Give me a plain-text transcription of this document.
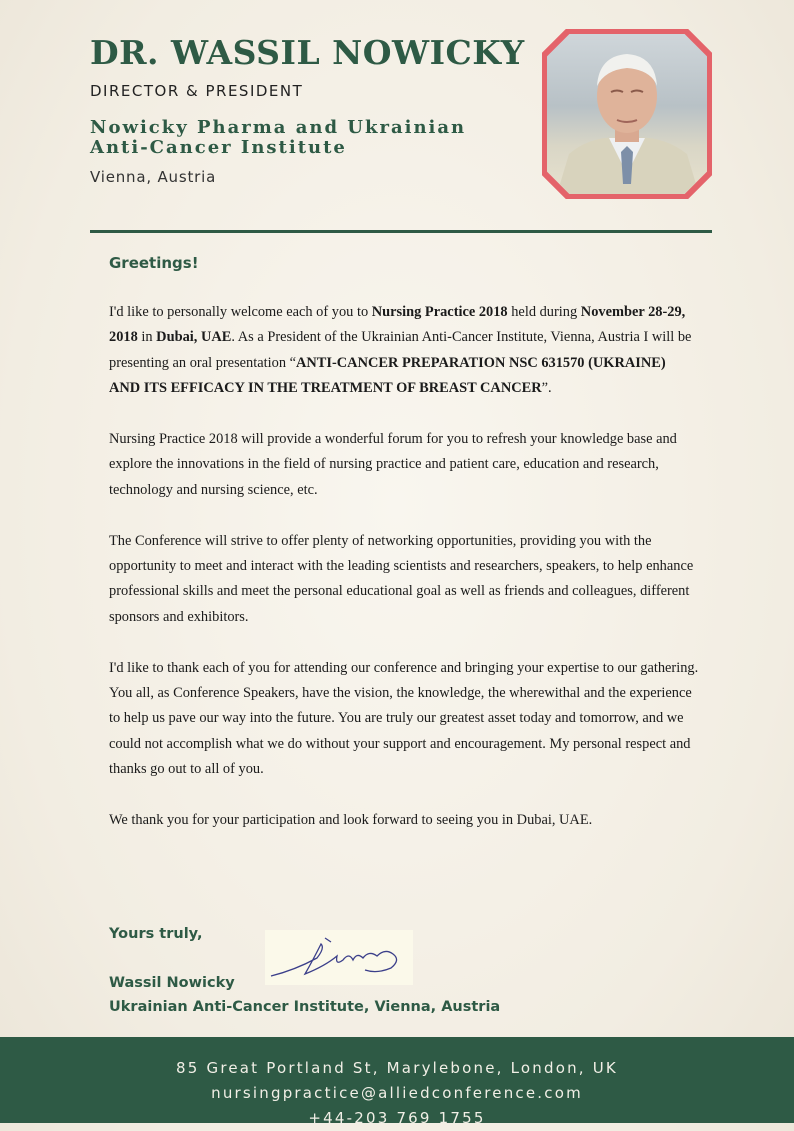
DR. WASSIL NOWICKY
DIRECTOR & PRESIDENT
Nowicky Pharma and Ukrainian
Anti-Cancer Institute
Vienna, Austria
Greetings!

I'd like to personally welcome each of you to Nursing Practice 2018 held during November 28-29, 2018 in Dubai, UAE. As a President of the Ukrainian Anti-Cancer Institute, Vienna, Austria I will be presenting an oral presentation “ANTI-CANCER PREPARATION NSC 631570 (UKRAINE) AND ITS EFFICACY IN THE TREATMENT OF BREAST CANCER”.

Nursing Practice 2018 will provide a wonderful forum for you to refresh your knowledge base and explore the innovations in the field of nursing practice and patient care, education and research, technology and nursing science, etc.

The Conference will strive to offer plenty of networking opportunities, providing you with the opportunity to meet and interact with the leading scientists and researchers, speakers, to help enhance professional skills and meet the personal educational goal as well as friends and colleagues, different sponsors and exhibitors.

I'd like to thank each of you for attending our conference and bringing your expertise to our gathering. You all, as Conference Speakers, have the vision, the knowledge, the wherewithal and the experience to help us pave our way into the future. You are truly our greatest asset today and tomorrow, and we could not accomplish what we do without your support and encouragement. My personal respect and thanks go out to all of you.

We thank you for your participation and look forward to seeing you in Dubai, UAE.

Yours truly,
Wassil Nowicky
Ukrainian Anti-Cancer Institute, Vienna, Austria
85 Great Portland St, Marylebone, London, UK
nursingpractice@alliedconference.com
+44-203 769 1755
